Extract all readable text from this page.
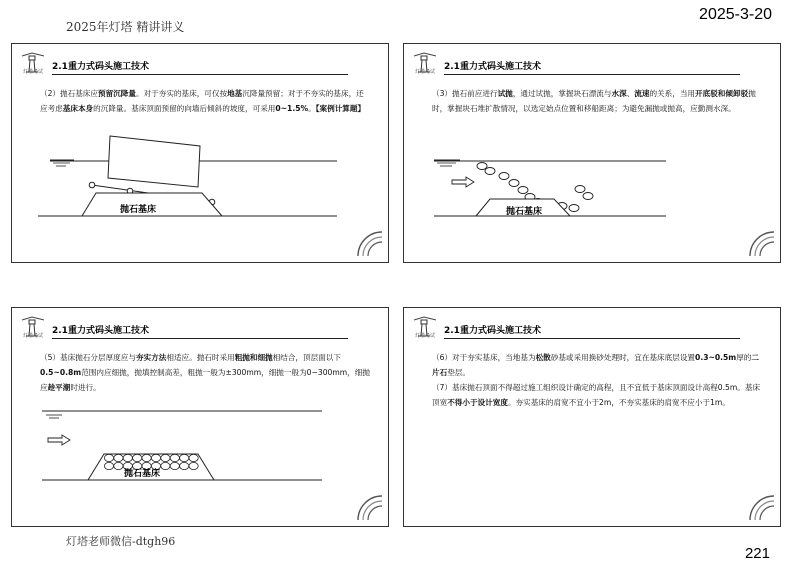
2025年灯塔 精讲讲义
2025-3-20
灯塔考试	2.1重力式码头施工技术
（2）抛石基床应预留沉降量。对于夯实的基床，可仅按地基沉降量预留；对于不夯实的基床，还应考虑基床本身的沉降量。基床顶面预留的向墙后倾斜的坡度，可采用0~1.5%。【案例计算题】
抛石基床
灯塔考试	2.1重力式码头施工技术
（3）抛石前应进行试抛，通过试抛，掌握块石漂流与水深、流速的关系，当用开底驳和倾卸驳抛时，掌握块石堆扩散情况，以选定始点位置和移船距离；为避免漏抛或抛高，应勤测水深。
抛石基床
灯塔考试	2.1重力式码头施工技术
（5）基床抛石分层厚度应与夯实方法相适应。抛石时采用粗抛和细抛相结合，顶层面以下0.5~0.8m范围内应细抛，抛填控制高差，粗抛一般为±300mm，细抛一般为0~300mm，细抛应趁平潮时进行。
抛石基床
灯塔考试	2.1重力式码头施工技术
（6）对于夯实基床，当地基为松散砂基或采用换砂处理时，宜在基床底层设置0.3~0.5m厚的二片石垫层。
（7）基床抛石顶面不得超过施工组织设计确定的高程，且不宜低于基床顶面设计高程0.5m。基床顶宽不得小于设计宽度。夯实基床的肩宽不宜小于2m，不夯实基床的肩宽不应小于1m。
灯塔老师微信-dtgh96
221
